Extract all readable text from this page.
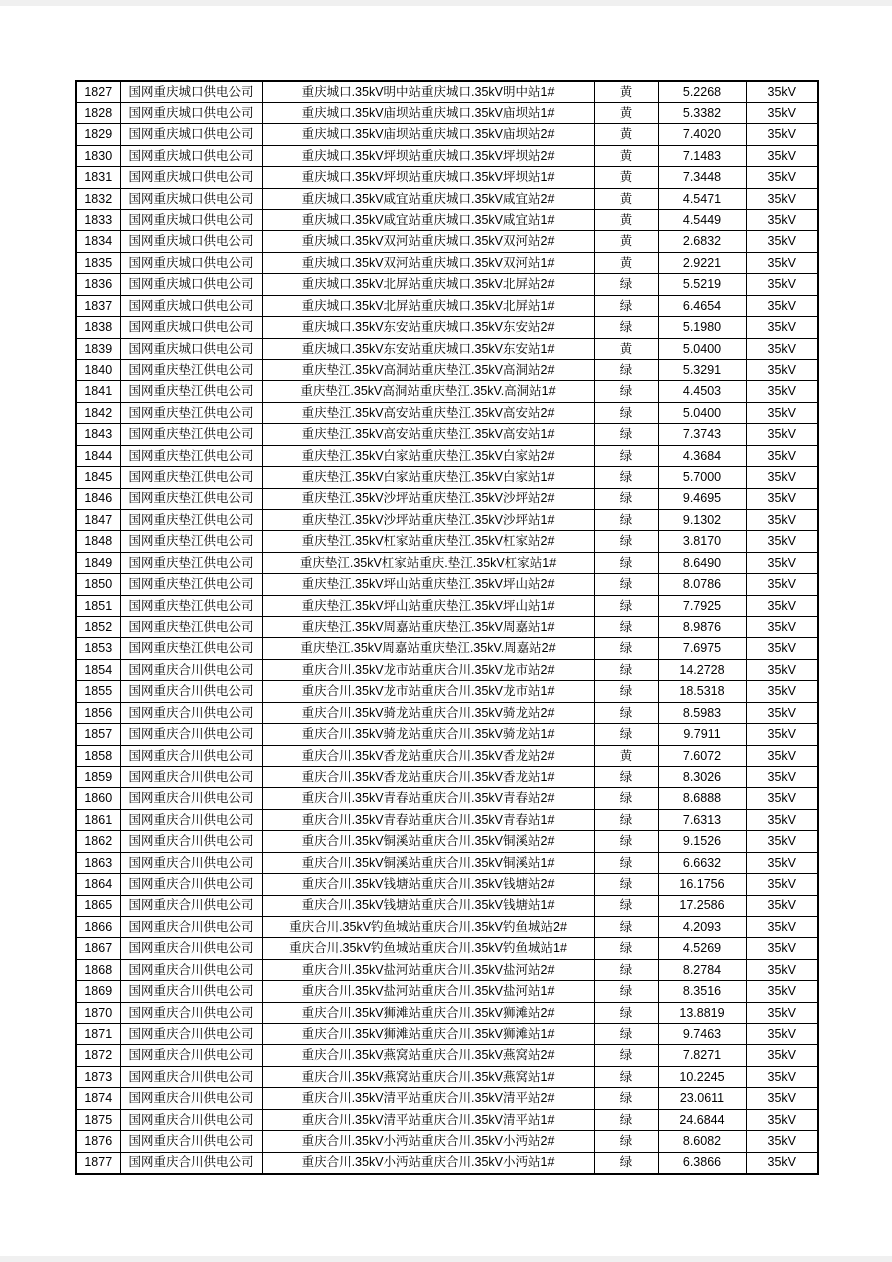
1827	国网重庆城口供电公司	重庆城口.35kV明中站重庆城口.35kV明中站1#	黄	5.2268	35kV
1828	国网重庆城口供电公司	重庆城口.35kV庙坝站重庆城口.35kV庙坝站1#	黄	5.3382	35kV
1829	国网重庆城口供电公司	重庆城口.35kV庙坝站重庆城口.35kV庙坝站2#	黄	7.4020	35kV
1830	国网重庆城口供电公司	重庆城口.35kV坪坝站重庆城口.35kV坪坝站2#	黄	7.1483	35kV
1831	国网重庆城口供电公司	重庆城口.35kV坪坝站重庆城口.35kV坪坝站1#	黄	7.3448	35kV
1832	国网重庆城口供电公司	重庆城口.35kV咸宜站重庆城口.35kV咸宜站2#	黄	4.5471	35kV
1833	国网重庆城口供电公司	重庆城口.35kV咸宜站重庆城口.35kV咸宜站1#	黄	4.5449	35kV
1834	国网重庆城口供电公司	重庆城口.35kV双河站重庆城口.35kV双河站2#	黄	2.6832	35kV
1835	国网重庆城口供电公司	重庆城口.35kV双河站重庆城口.35kV双河站1#	黄	2.9221	35kV
1836	国网重庆城口供电公司	重庆城口.35kV北屏站重庆城口.35kV北屏站2#	绿	5.5219	35kV
1837	国网重庆城口供电公司	重庆城口.35kV北屏站重庆城口.35kV北屏站1#	绿	6.4654	35kV
1838	国网重庆城口供电公司	重庆城口.35kV东安站重庆城口.35kV东安站2#	绿	5.1980	35kV
1839	国网重庆城口供电公司	重庆城口.35kV东安站重庆城口.35kV东安站1#	黄	5.0400	35kV
1840	国网重庆垫江供电公司	重庆垫江.35kV高洞站重庆垫江.35kV高洞站2#	绿	5.3291	35kV
1841	国网重庆垫江供电公司	重庆垫江.35kV高洞站重庆垫江.35kV.高洞站1#	绿	4.4503	35kV
1842	国网重庆垫江供电公司	重庆垫江.35kV高安站重庆垫江.35kV高安站2#	绿	5.0400	35kV
1843	国网重庆垫江供电公司	重庆垫江.35kV高安站重庆垫江.35kV高安站1#	绿	7.3743	35kV
1844	国网重庆垫江供电公司	重庆垫江.35kV白家站重庆垫江.35kV白家站2#	绿	4.3684	35kV
1845	国网重庆垫江供电公司	重庆垫江.35kV白家站重庆垫江.35kV白家站1#	绿	5.7000	35kV
1846	国网重庆垫江供电公司	重庆垫江.35kV沙坪站重庆垫江.35kV沙坪站2#	绿	9.4695	35kV
1847	国网重庆垫江供电公司	重庆垫江.35kV沙坪站重庆垫江.35kV沙坪站1#	绿	9.1302	35kV
1848	国网重庆垫江供电公司	重庆垫江.35kV杠家站重庆垫江.35kV杠家站2#	绿	3.8170	35kV
1849	国网重庆垫江供电公司	重庆垫江.35kV杠家站重庆.垫江.35kV杠家站1#	绿	8.6490	35kV
1850	国网重庆垫江供电公司	重庆垫江.35kV坪山站重庆垫江.35kV坪山站2#	绿	8.0786	35kV
1851	国网重庆垫江供电公司	重庆垫江.35kV坪山站重庆垫江.35kV坪山站1#	绿	7.7925	35kV
1852	国网重庆垫江供电公司	重庆垫江.35kV周嘉站重庆垫江.35kV周嘉站1#	绿	8.9876	35kV
1853	国网重庆垫江供电公司	重庆垫江.35kV周嘉站重庆垫江.35kV.周嘉站2#	绿	7.6975	35kV
1854	国网重庆合川供电公司	重庆合川.35kV龙市站重庆合川.35kV龙市站2#	绿	14.2728	35kV
1855	国网重庆合川供电公司	重庆合川.35kV龙市站重庆合川.35kV龙市站1#	绿	18.5318	35kV
1856	国网重庆合川供电公司	重庆合川.35kV骑龙站重庆合川.35kV骑龙站2#	绿	8.5983	35kV
1857	国网重庆合川供电公司	重庆合川.35kV骑龙站重庆合川.35kV骑龙站1#	绿	9.7911	35kV
1858	国网重庆合川供电公司	重庆合川.35kV香龙站重庆合川.35kV香龙站2#	黄	7.6072	35kV
1859	国网重庆合川供电公司	重庆合川.35kV香龙站重庆合川.35kV香龙站1#	绿	8.3026	35kV
1860	国网重庆合川供电公司	重庆合川.35kV青春站重庆合川.35kV青春站2#	绿	8.6888	35kV
1861	国网重庆合川供电公司	重庆合川.35kV青春站重庆合川.35kV青春站1#	绿	7.6313	35kV
1862	国网重庆合川供电公司	重庆合川.35kV铜溪站重庆合川.35kV铜溪站2#	绿	9.1526	35kV
1863	国网重庆合川供电公司	重庆合川.35kV铜溪站重庆合川.35kV铜溪站1#	绿	6.6632	35kV
1864	国网重庆合川供电公司	重庆合川.35kV钱塘站重庆合川.35kV钱塘站2#	绿	16.1756	35kV
1865	国网重庆合川供电公司	重庆合川.35kV钱塘站重庆合川.35kV钱塘站1#	绿	17.2586	35kV
1866	国网重庆合川供电公司	重庆合川.35kV钓鱼城站重庆合川.35kV钓鱼城站2#	绿	4.2093	35kV
1867	国网重庆合川供电公司	重庆合川.35kV钓鱼城站重庆合川.35kV钓鱼城站1#	绿	4.5269	35kV
1868	国网重庆合川供电公司	重庆合川.35kV盐河站重庆合川.35kV盐河站2#	绿	8.2784	35kV
1869	国网重庆合川供电公司	重庆合川.35kV盐河站重庆合川.35kV盐河站1#	绿	8.3516	35kV
1870	国网重庆合川供电公司	重庆合川.35kV狮滩站重庆合川.35kV狮滩站2#	绿	13.8819	35kV
1871	国网重庆合川供电公司	重庆合川.35kV狮滩站重庆合川.35kV狮滩站1#	绿	9.7463	35kV
1872	国网重庆合川供电公司	重庆合川.35kV燕窝站重庆合川.35kV燕窝站2#	绿	7.8271	35kV
1873	国网重庆合川供电公司	重庆合川.35kV燕窝站重庆合川.35kV燕窝站1#	绿	10.2245	35kV
1874	国网重庆合川供电公司	重庆合川.35kV清平站重庆合川.35kV清平站2#	绿	23.0611	35kV
1875	国网重庆合川供电公司	重庆合川.35kV清平站重庆合川.35kV清平站1#	绿	24.6844	35kV
1876	国网重庆合川供电公司	重庆合川.35kV小沔站重庆合川.35kV小沔站2#	绿	8.6082	35kV
1877	国网重庆合川供电公司	重庆合川.35kV小沔站重庆合川.35kV小沔站1#	绿	6.3866	35kV
